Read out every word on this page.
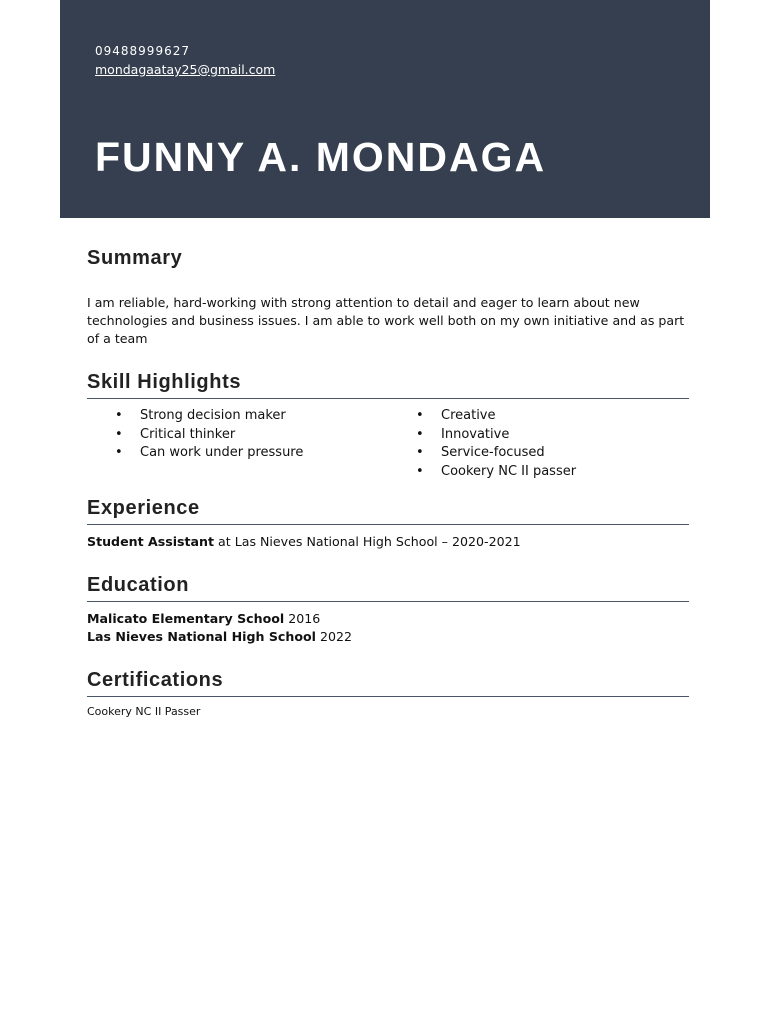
09488999627
mondagaatay25@gmail.com
FUNNY A. MONDAGA
Summary
I am reliable, hard-working with strong attention to detail and eager to learn about new technologies and business issues. I am able to work well both on my own initiative and as part of a team
Skill Highlights
• Strong decision maker
• Critical thinker
• Can work under pressure
• Creative
• Innovative
• Service-focused
• Cookery NC II passer
Experience
Student Assistant at Las Nieves National High School – 2020-2021
Education
Malicato Elementary School 2016
Las Nieves National High School 2022
Certifications
Cookery NC II Passer
